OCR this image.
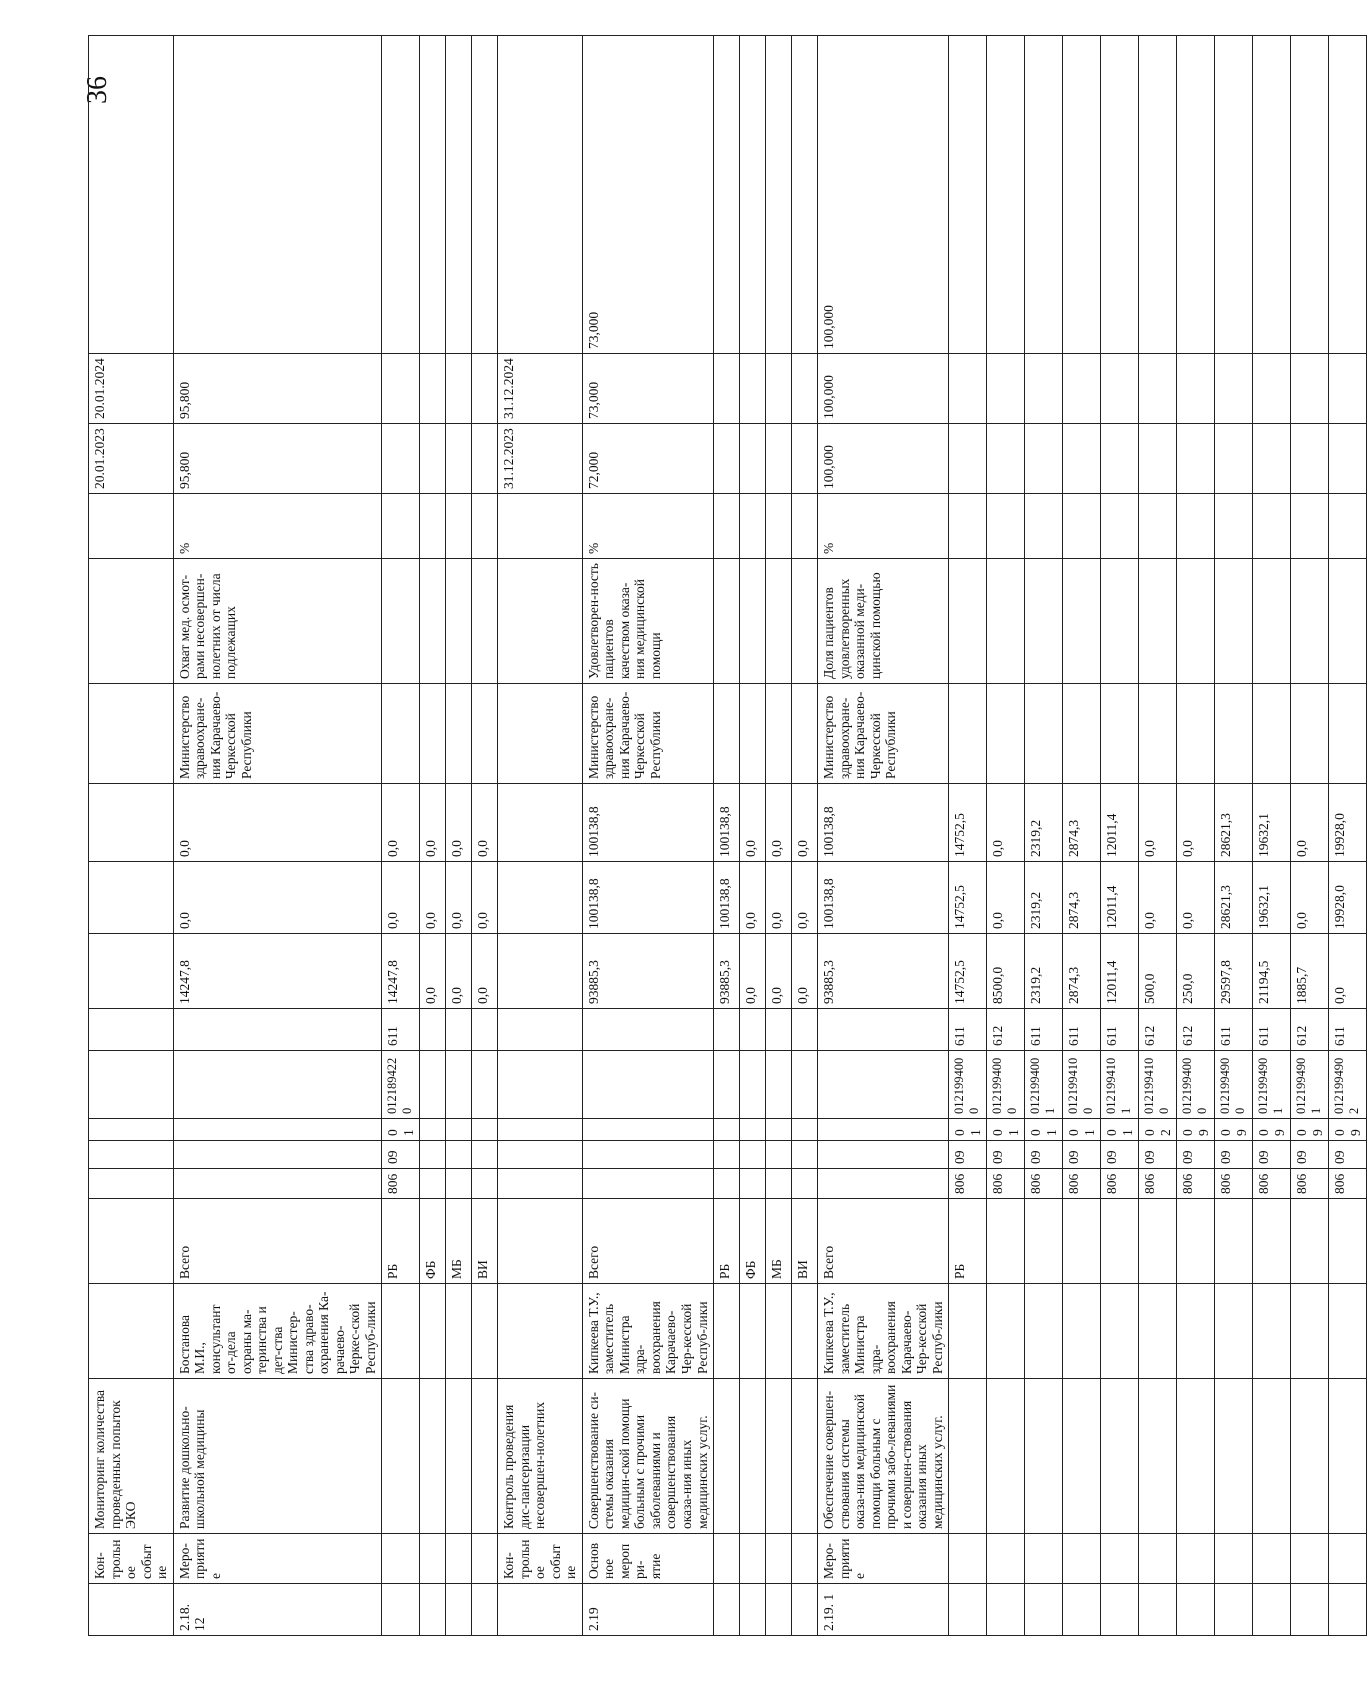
36
	Кон-трольное событие	Мониторинг количества проведенных попыток ЭКО														20.01.2023	20.01.2024	
2.18. 12	Меро-приятие	Развитие дошкольно-школьной медицины	Бостанова М.И., консультант от-дела охраны ма-теринства и дет-ства Министер-ства здраво-охранения Ка-рачаево-Черкес-ской Респуб-лики	Всего						14247,8	0,0	0,0	Министерство здравоохране-ния Карачаево-Черкесской Республики	Охват мед. осмот-рами несовершен-нолетних от числа подлежащих	%	95,800	95,800	
				РБ	806	09	01	012189422 0	611	14247,8	0,0	0,0						
				ФБ						0,0	0,0	0,0						
				МБ						0,0	0,0	0,0						
				ВИ						0,0	0,0	0,0						
	Кон-трольное событие	Контроль проведения дис-пансеризации несовершен-нолетних														31.12.2023	31.12.2024	
2.19	Основное меропри-ятие	Совершенствование си-стемы оказания медицин-ской помощи больным с прочими заболеваниями и совершенствования оказа-ния иных медицинских услуг.	Кипкеева Т.У., заместитель Министра здра-воохранения Карачаево-Чер-кесской Респуб-лики	Всего						93885,3	100138,8	100138,8	Министерство здравоохране-ния Карачаево-Черкесской Республики	Удовлетворен-ность пациентов качеством оказа-ния медицинской помощи	%	72,000	73,000	73,000
				РБ						93885,3	100138,8	100138,8						
				ФБ						0,0	0,0	0,0						
				МБ						0,0	0,0	0,0						
				ВИ						0,0	0,0	0,0						
2.19. 1	Меро-приятие	Обеспечение совершен-ствования системы оказа-ния медицинской помощи больным с прочими забо-леваниями и совершен-ствования оказания иных медицинских услуг.	Кипкеева Т.У., заместитель Министра здра-воохранения Карачаево-Чер-кесской Респуб-лики	Всего						93885,3	100138,8	100138,8	Министерство здравоохране-ния Карачаево-Черкесской Республики	Доля пациентов удовлетворенных оказанной меди-цинской помощью	%	100,000	100,000	100,000
				РБ	806	09	01	012199400 0	611	14752,5	14752,5	14752,5						
					806	09	01	012199400 0	612	8500,0	0,0	0,0						
					806	09	01	012199400 1	611	2319,2	2319,2	2319,2						
					806	09	01	012199410 0	611	2874,3	2874,3	2874,3						
					806	09	01	012199410 1	611	12011,4	12011,4	12011,4						
					806	09	02	012199410 0	612	500,0	0,0	0,0						
					806	09	09	012199400 0	612	250,0	0,0	0,0						
					806	09	09	012199490 0	611	29597,8	28621,3	28621,3						
					806	09	09	012199490 1	611	21194,5	19632,1	19632,1						
					806	09	09	012199490 1	612	1885,7	0,0	0,0						
					806	09	09	012199490 2	611	0,0	19928,0	19928,0						
